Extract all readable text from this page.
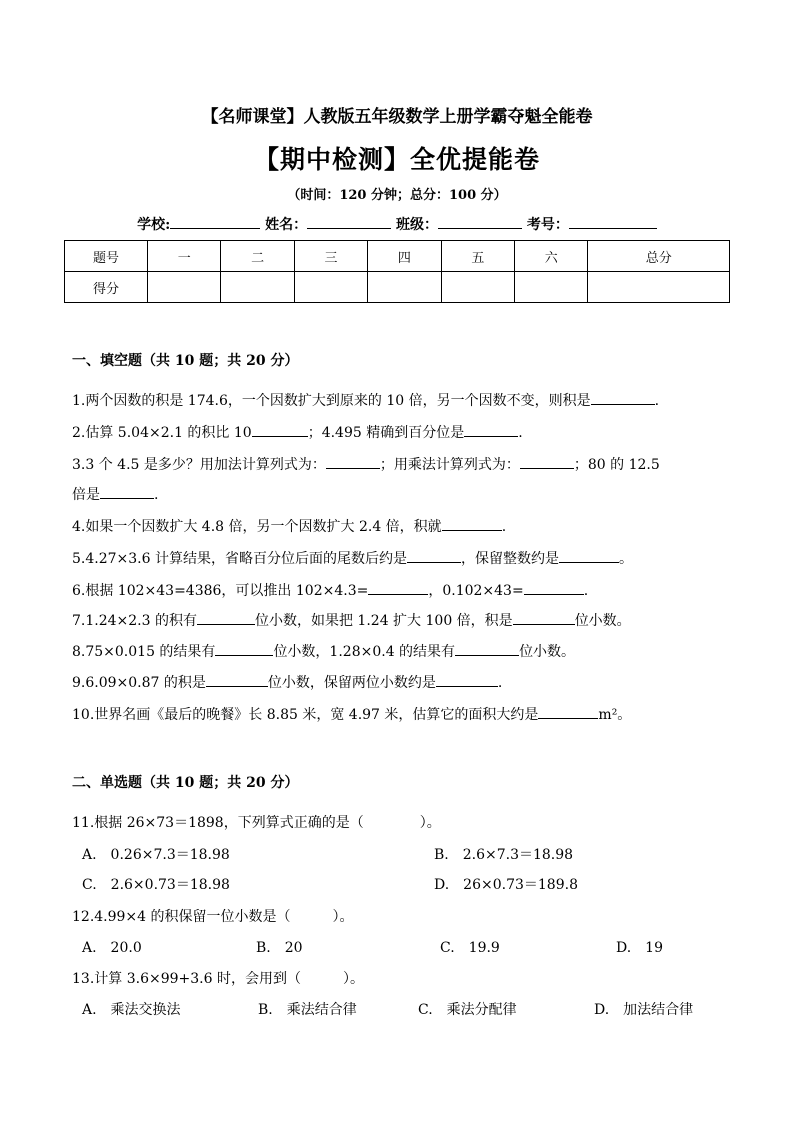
【名师课堂】人教版五年级数学上册学霸夺魁全能卷
【期中检测】全优提能卷
（时间：120 分钟；总分：100 分）
学校:	姓名：	班级：	考号：
题号	一	二	三	四	五	六	总分
得分							
一、填空题（共 10 题；共 20 分）
1.两个因数的积是 174.6，一个因数扩大到原来的 10 倍，另一个因数不变，则积是	.
2.估算 5.04×2.1 的积比 10	；4.495 精确到百分位是	.
3.3 个 4.5 是多少？用加法计算列式为：	；用乘法计算列式为：	；80 的 12.5
倍是	.
4.如果一个因数扩大 4.8 倍，另一个因数扩大 2.4 倍，积就	.
5.4.27×3.6 计算结果，省略百分位后面的尾数后约是	，保留整数约是	。
6.根据 102×43=4386，可以推出 102×4.3=	，0.102×43=	.
7.1.24×2.3 的积有	位小数，如果把 1.24 扩大 100 倍，积是	位小数。
8.75×0.015 的结果有	位小数，1.28×0.4 的结果有	位小数。
9.6.09×0.87 的积是	位小数，保留两位小数约是	.
10.世界名画《最后的晚餐》长 8.85 米，宽 4.97 米，估算它的面积大约是	m²。
二、单选题（共 10 题；共 20 分）
11.根据 26×73＝1898，下列算式正确的是（　　　　）。
A.　0.26×7.3＝18.98	B.　2.6×7.3＝18.98
C.　2.6×0.73＝18.98	D.　26×0.73＝189.8
12.4.99×4 的积保留一位小数是（　　　）。
A.　20.0	B.　20	C.　19.9	D.　19
13.计算 3.6×99+3.6 时，会用到（　　　）。
A.　乘法交换法	B.　乘法结合律	C.　乘法分配律	D.　加法结合律
